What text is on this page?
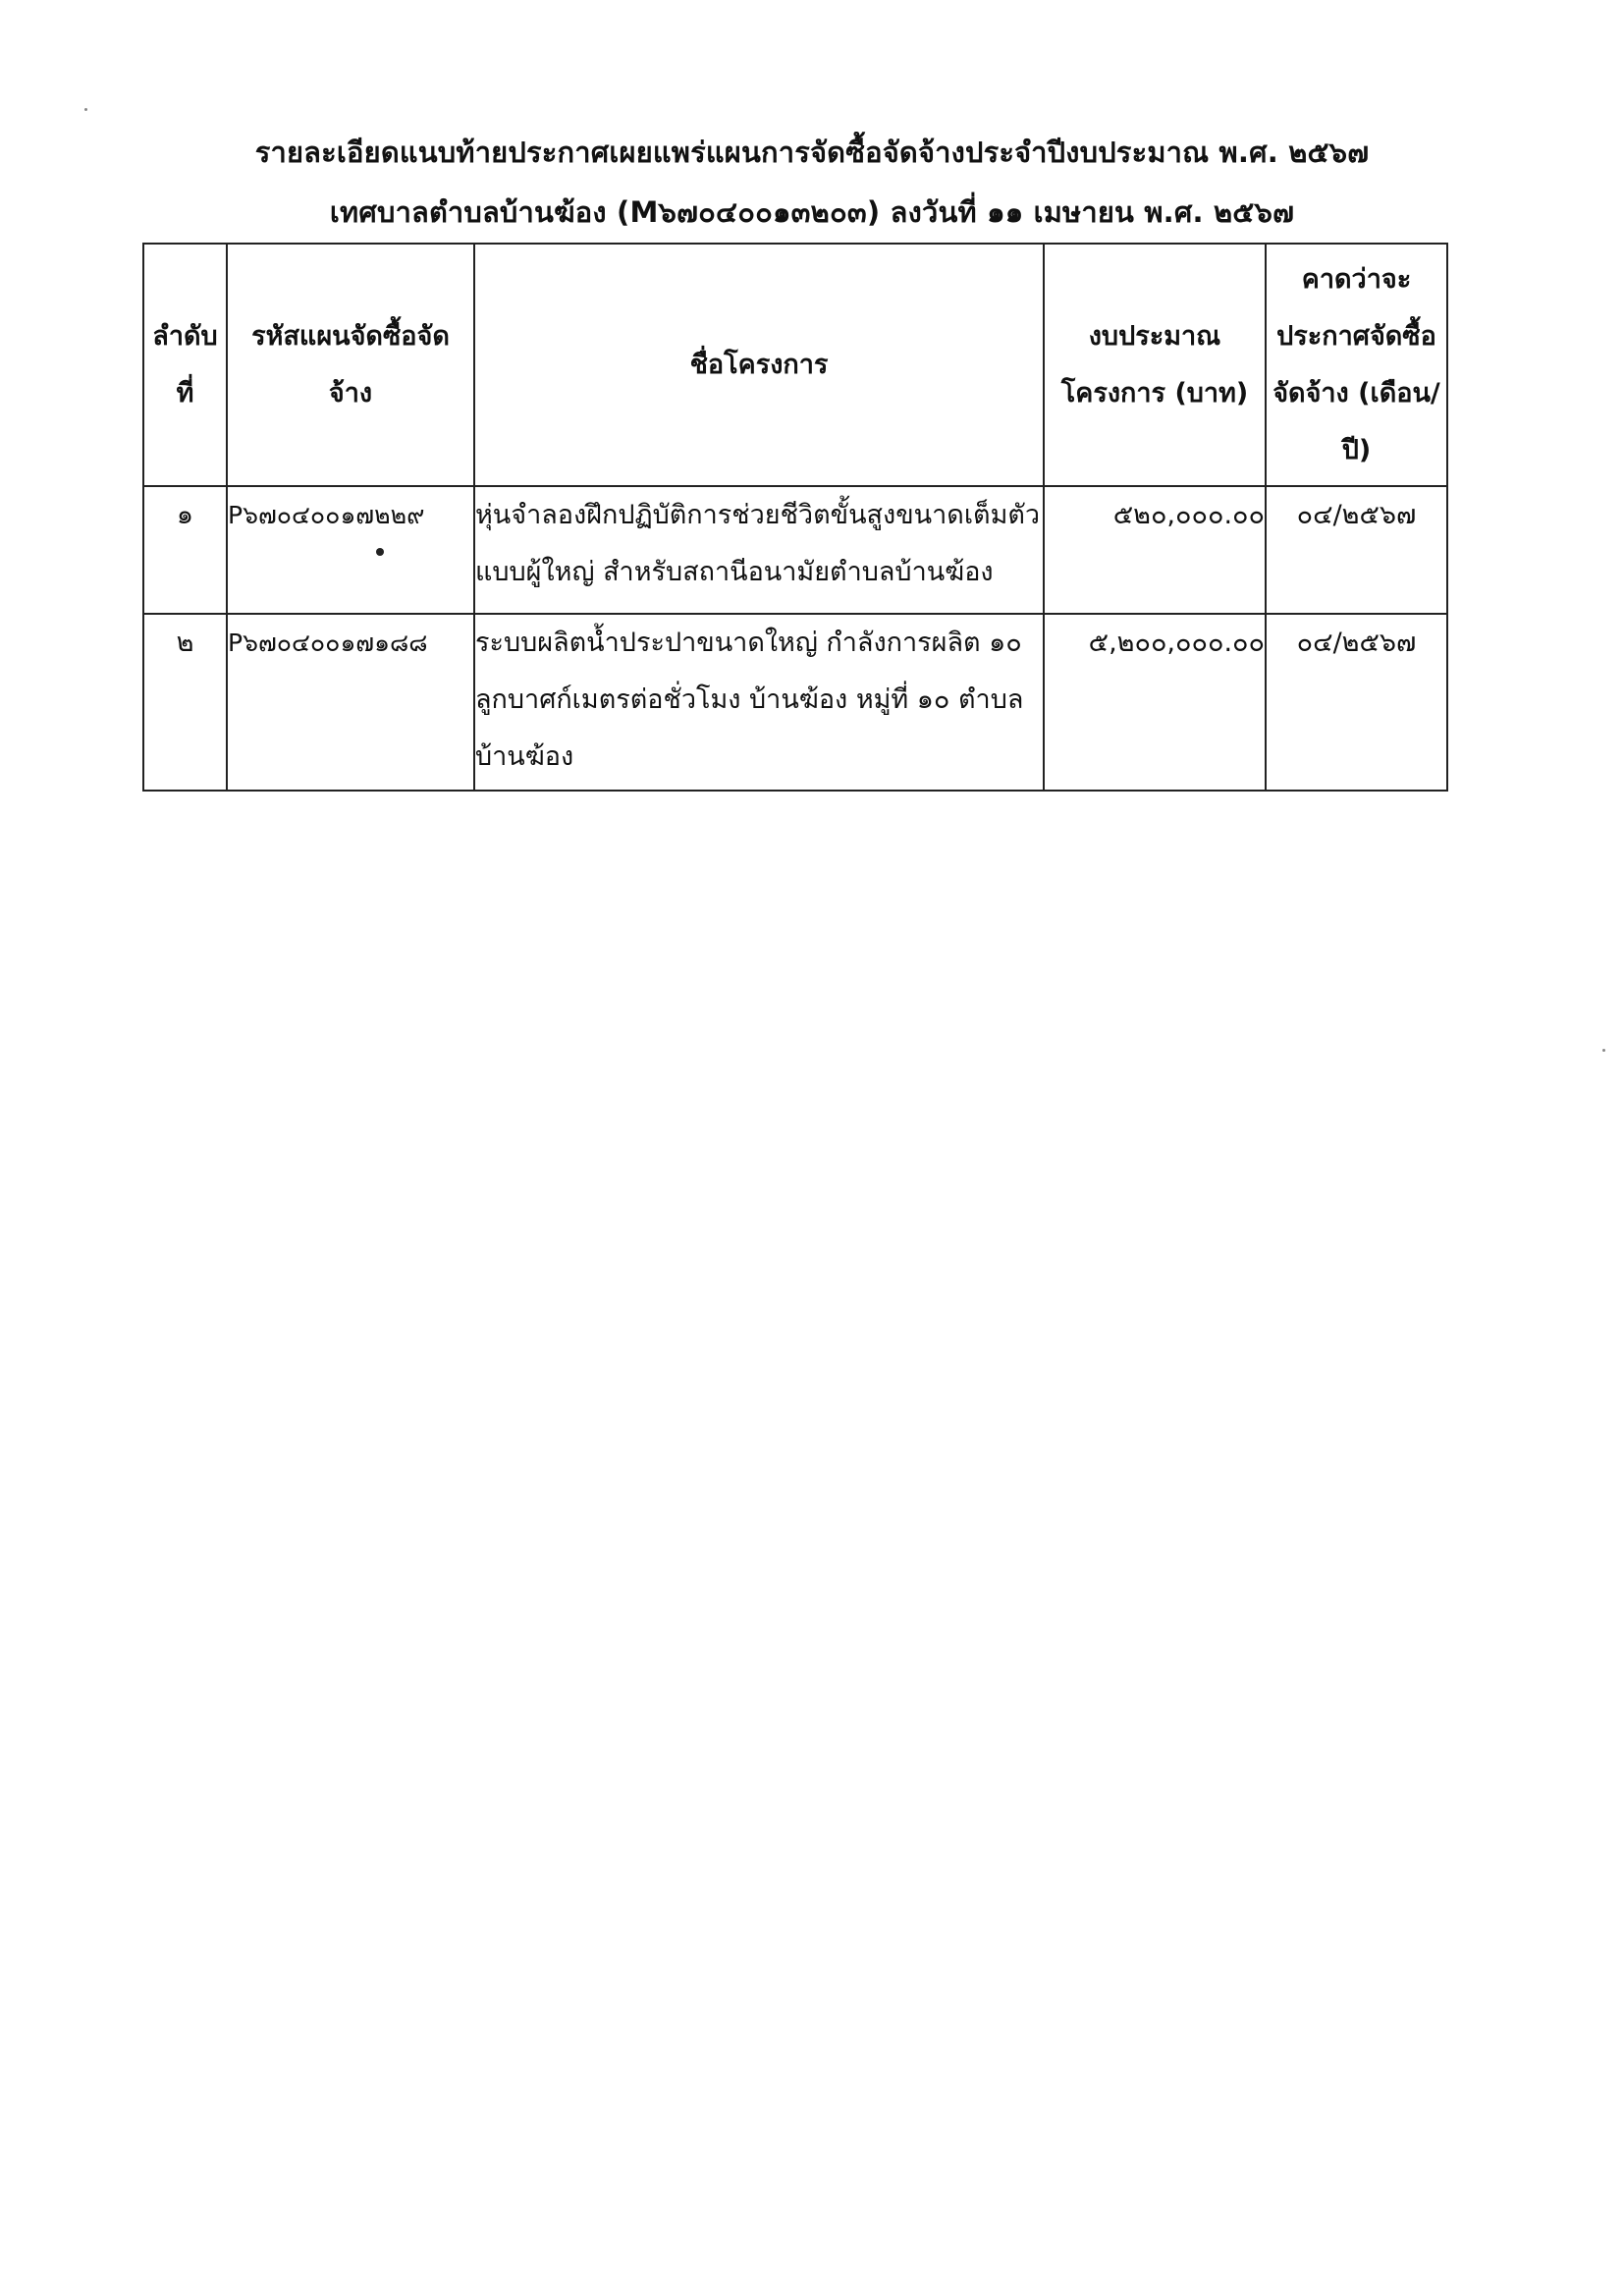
รายละเอียดแนบท้ายประกาศเผยแพร่แผนการจัดซื้อจัดจ้างประจำปีงบประมาณ พ.ศ. ๒๕๖๗
เทศบาลตำบลบ้านฆ้อง (M๖๗๐๔๐๐๑๓๒๐๓) ลงวันที่ ๑๑ เมษายน พ.ศ. ๒๕๖๗
ลำดับ ที่	รหัสแผนจัดซื้อจัดจ้าง	ชื่อโครงการ	งบประมาณโครงการ (บาท)	คาดว่าจะประกาศจัดซื้อจัดจ้าง (เดือน/ปี)
๑	P๖๗๐๔๐๐๑๗๒๒๙	หุ่นจำลองฝึกปฏิบัติการช่วยชีวิตขั้นสูงขนาดเต็มตัว แบบผู้ใหญ่ สำหรับสถานีอนามัยตำบลบ้านฆ้อง	๕๒๐,๐๐๐.๐๐	๐๔/๒๕๖๗
๒	P๖๗๐๔๐๐๑๗๑๘๘	ระบบผลิตน้ำประปาขนาดใหญ่ กำลังการผลิต ๑๐ ลูกบาศก์เมตรต่อชั่วโมง บ้านฆ้อง หมู่ที่ ๑๐ ตำบลบ้านฆ้อง	๕,๒๐๐,๐๐๐.๐๐	๐๔/๒๕๖๗
